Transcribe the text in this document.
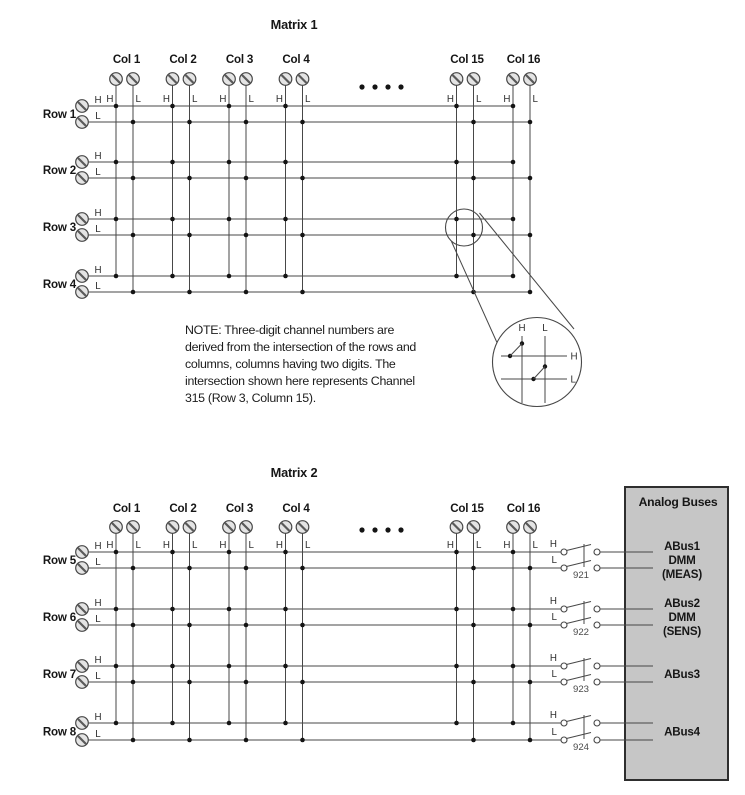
Matrix 1
Col 1
H L
Col 2
H L
Col 3
H L
Col 4
H L
Col 15
H L
Col 16
H L
Row 1
H
L
Row 2
H
L
Row 3
H
L
Row 4
H
L
H L
H
L
NOTE: Three-digit channel numbers are
derived from the intersection of the rows and
columns, columns having two digits. The
intersection shown here represents Channel
315 (Row 3, Column 15).
Analog Buses
Matrix 2
Col 1
H L
Col 2
H L
Col 3
H L
Col 4
H L
Col 15
H L
Col 16
H L
Row 5
H
L
Row 6
H
L
Row 7
H
L
Row 8
H
L
H
L
921
ABus1
DMM
(MEAS)
H
L
922
ABus2
DMM
(SENS)
H
L
923
ABus3
H
L
924
ABus4
